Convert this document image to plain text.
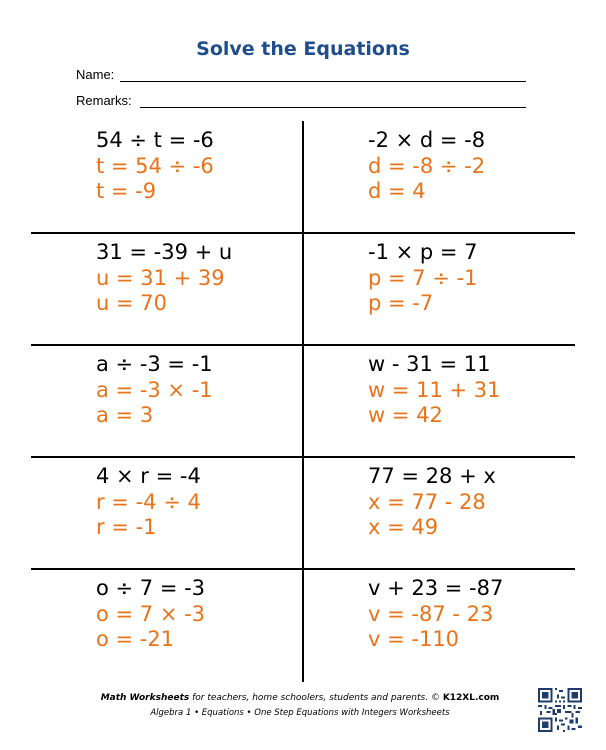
Solve the Equations
Name:
Remarks:
54 ÷ t = -6
t = 54 ÷ -6
t = -9
-2 × d = -8
d = -8 ÷ -2
d = 4
31 = -39 + u
u = 31 + 39
u = 70
-1 × p = 7
p = 7 ÷ -1
p = -7
a ÷ -3 = -1
a = -3 × -1
a = 3
w - 31 = 11
w = 11 + 31
w = 42
4 × r = -4
r = -4 ÷ 4
r = -1
77 = 28 + x
x = 77 - 28
x = 49
o ÷ 7 = -3
o = 7 × -3
o = -21
v + 23 = -87
v = -87 - 23
v = -110
Math Worksheets for teachers, home schoolers, students and parents. © K12XL.com
Algebra 1 • Equations • One Step Equations with Integers Worksheets
